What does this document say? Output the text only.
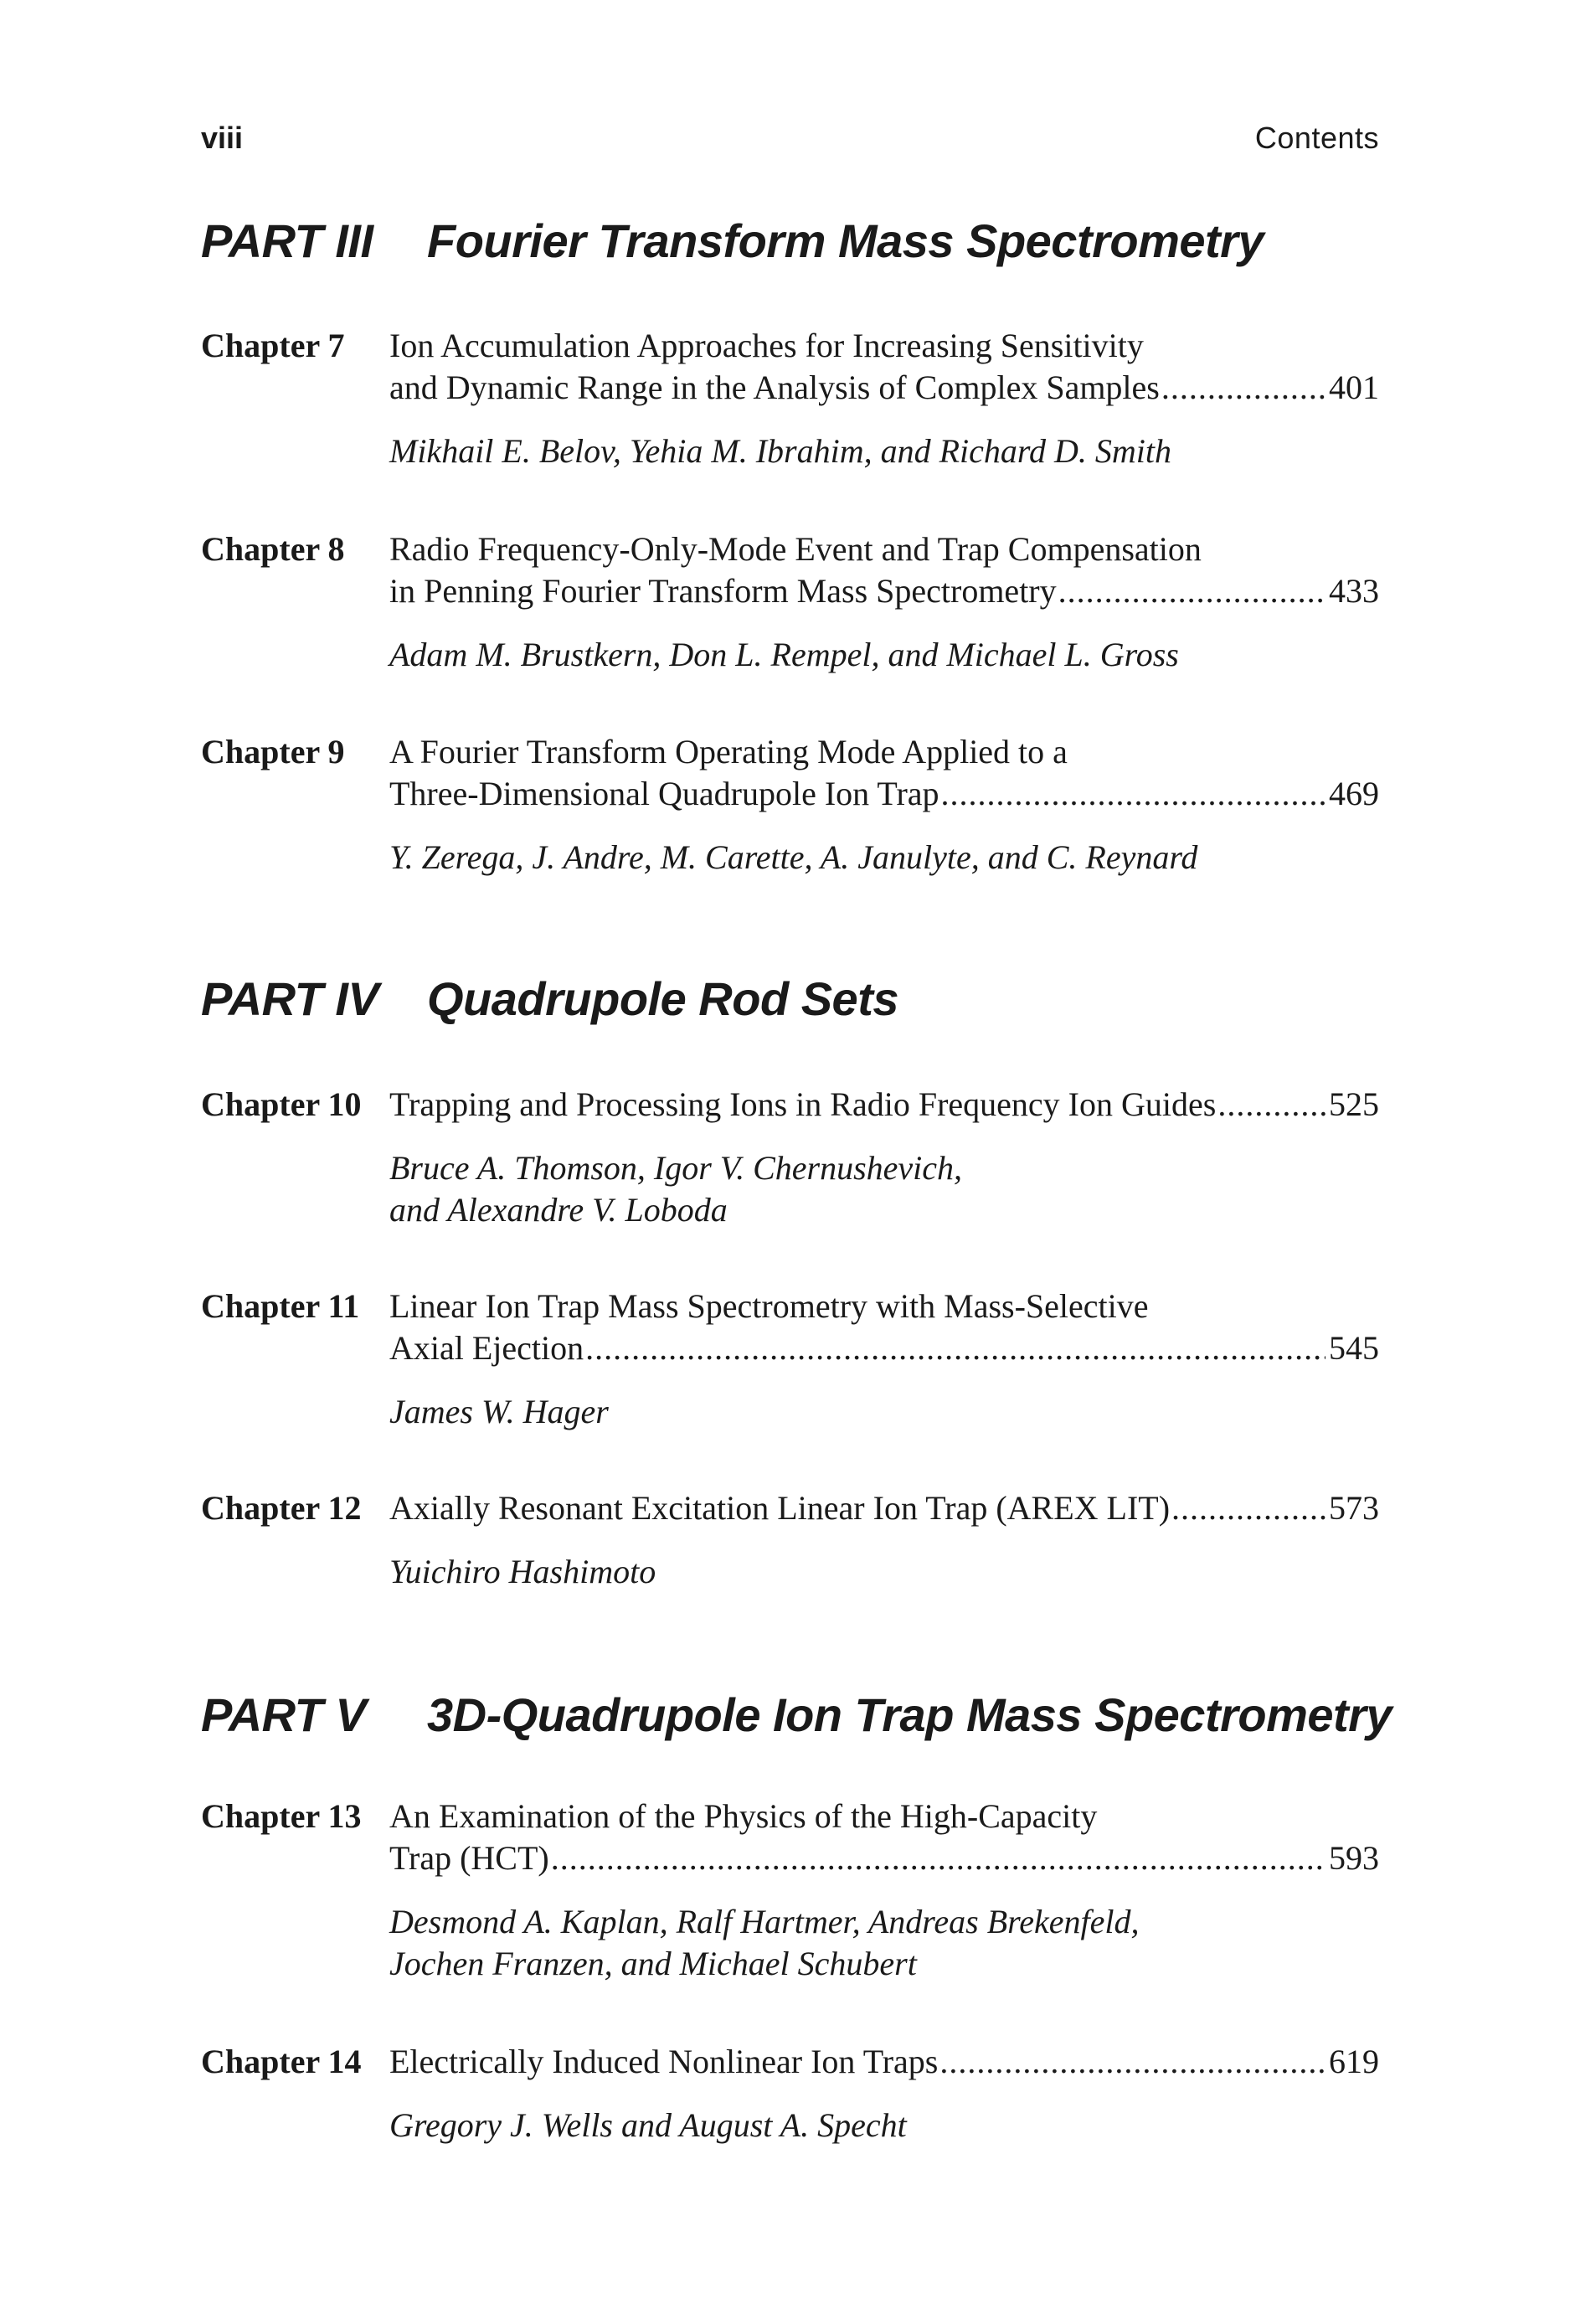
viii	Contents
PART III Fourier Transform Mass Spectrometry
Chapter 7 Ion Accumulation Approaches for Increasing Sensitivity
and Dynamic Range in the Analysis of Complex Samples .....	401
Mikhail E. Belov, Yehia M. Ibrahim, and Richard D. Smith
Chapter 8 Radio Frequency-Only-Mode Event and Trap Compensation
in Penning Fourier Transform Mass Spectrometry .....	433
Adam M. Brustkern, Don L. Rempel, and Michael L. Gross
Chapter 9 A Fourier Transform Operating Mode Applied to a
Three-Dimensional Quadrupole Ion Trap .....	469
Y. Zerega, J. Andre, M. Carette, A. Janulyte, and C. Reynard
PART IV Quadrupole Rod Sets
Chapter 10 Trapping and Processing Ions in Radio Frequency Ion Guides .....	525
Bruce A. Thomson, Igor V. Chernushevich,
and Alexandre V. Loboda
Chapter 11 Linear Ion Trap Mass Spectrometry with Mass-Selective
Axial Ejection .....	545
James W. Hager
Chapter 12 Axially Resonant Excitation Linear Ion Trap (AREX LIT) .....	573
Yuichiro Hashimoto
PART V 3D-Quadrupole Ion Trap Mass Spectrometry
Chapter 13 An Examination of the Physics of the High-Capacity
Trap (HCT) .....	593
Desmond A. Kaplan, Ralf Hartmer, Andreas Brekenfeld,
Jochen Franzen, and Michael Schubert
Chapter 14 Electrically Induced Nonlinear Ion Traps .....	619
Gregory J. Wells and August A. Specht
